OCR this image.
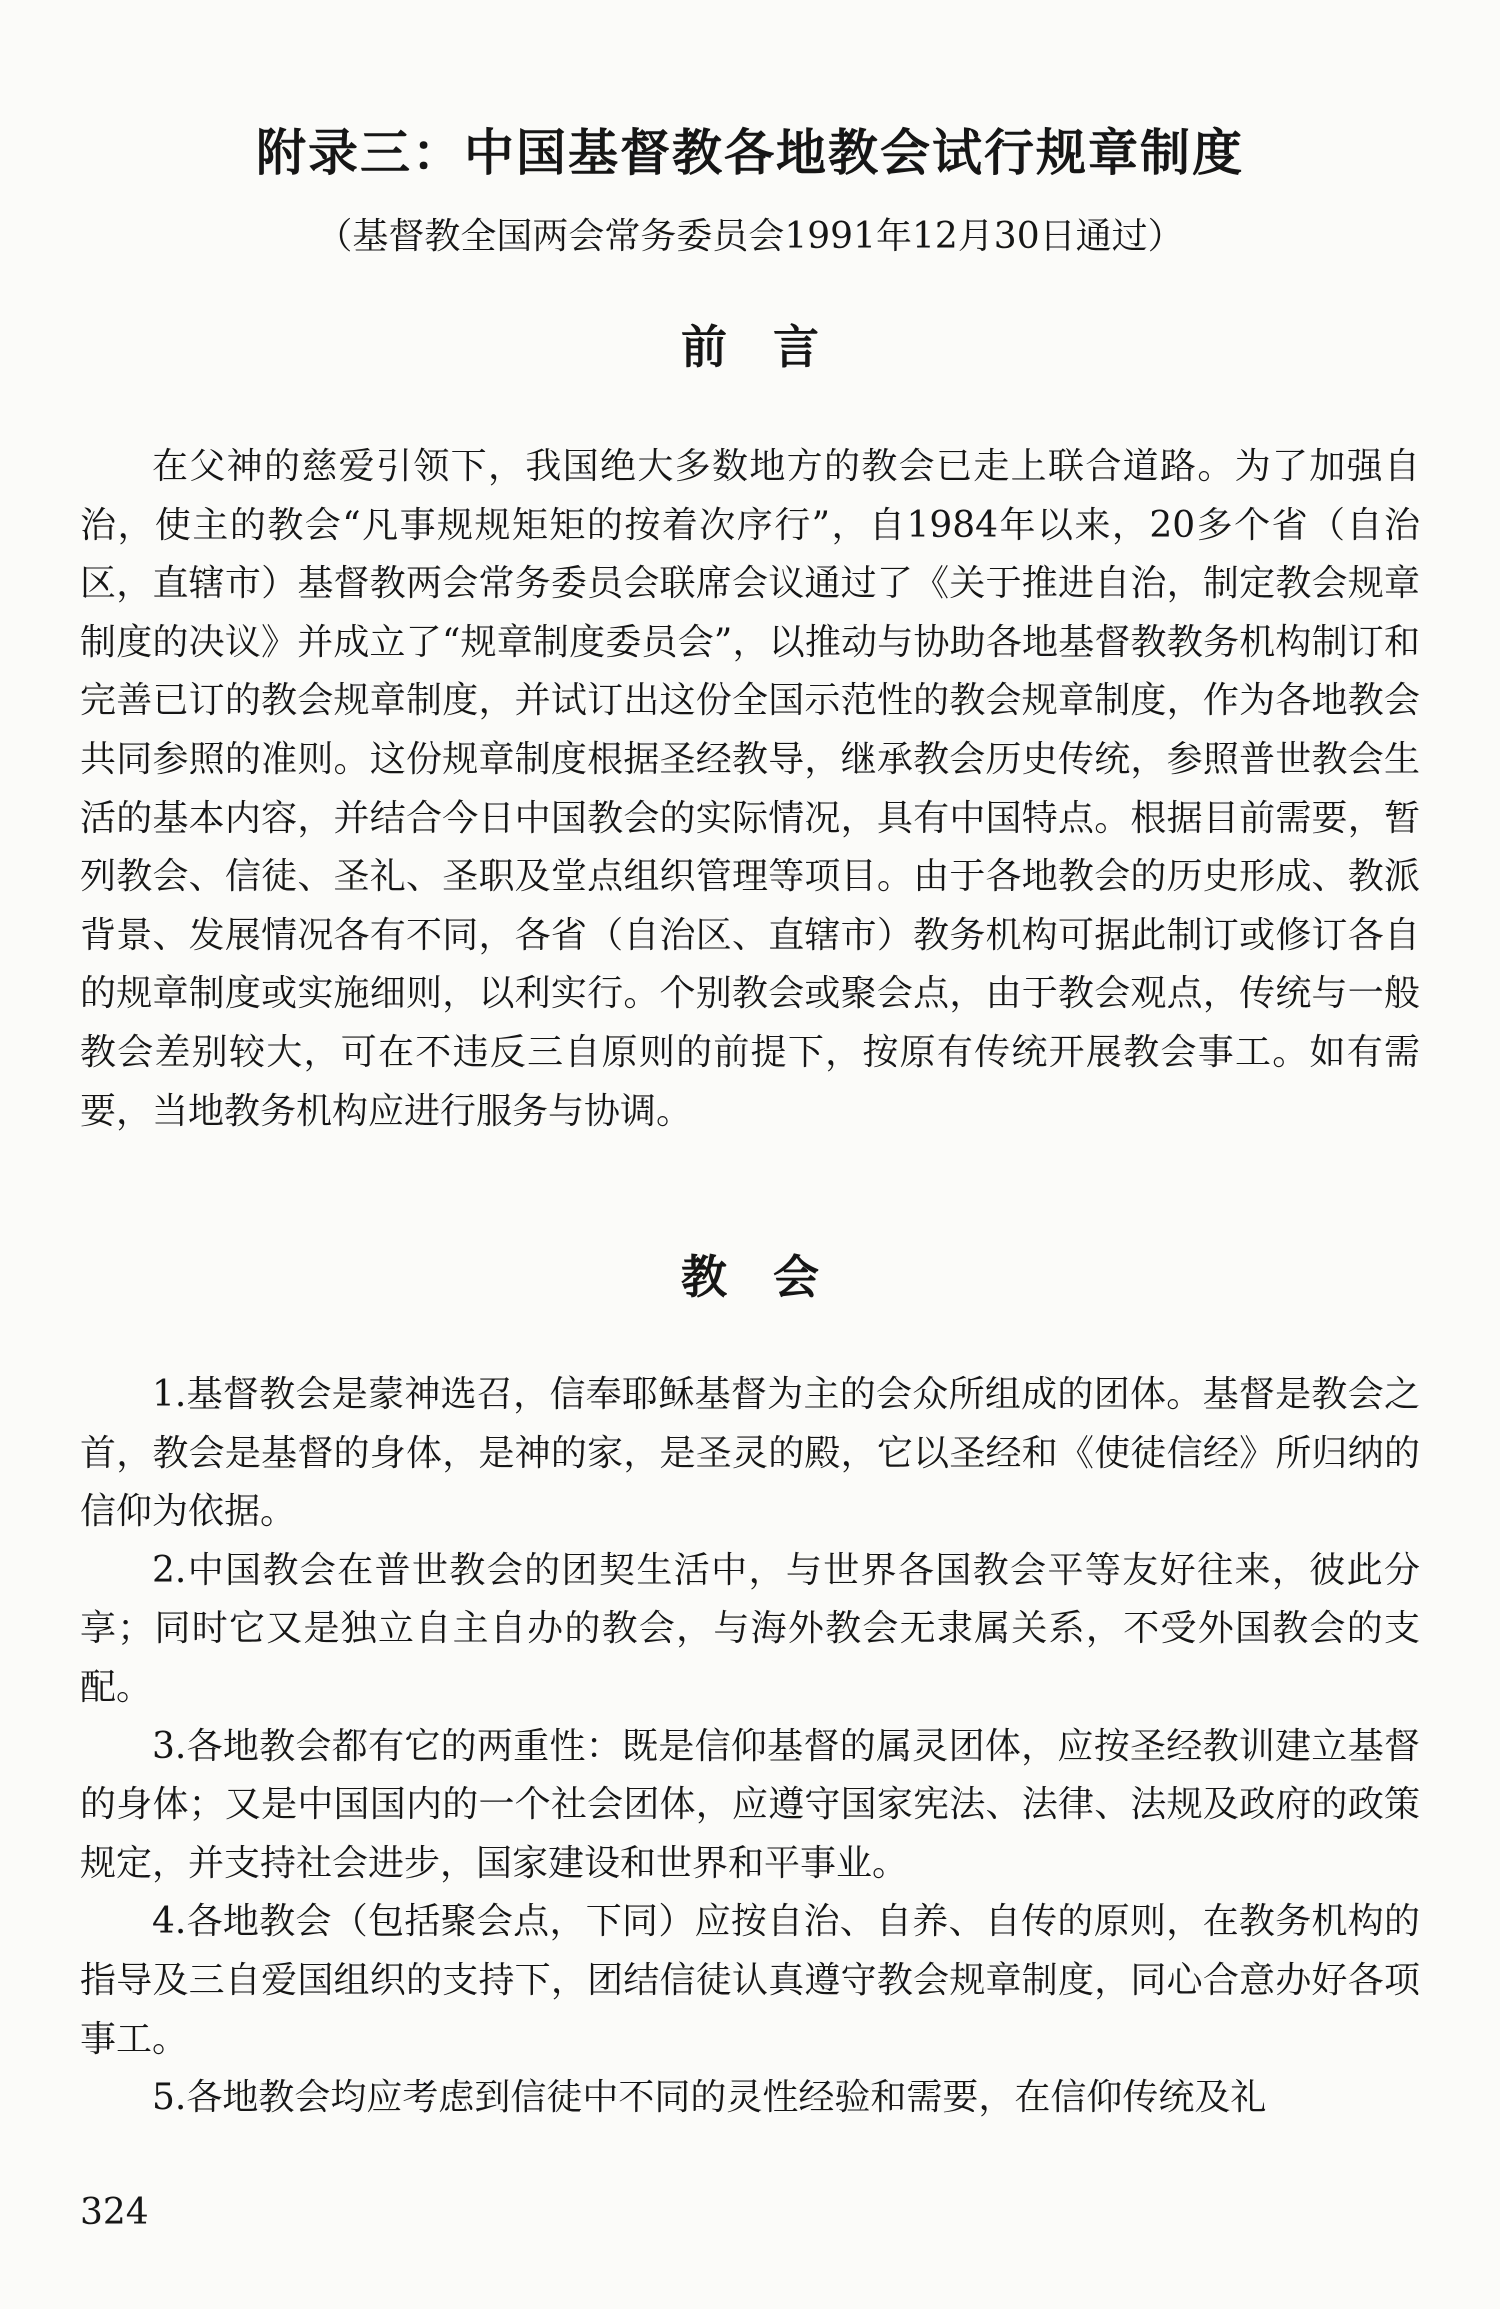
附录三：中国基督教各地教会试行规章制度

（基督教全国两会常务委员会1991年12月30日通过）

前言

在父神的慈爱引领下，我国绝大多数地方的教会已走上联合道路。为了加强自治，使主的教会“凡事规规矩矩的按着次序行”，自1984年以来，20多个省（自治区，直辖市）基督教两会常务委员会联席会议通过了《关于推进自治，制定教会规章制度的决议》并成立了“规章制度委员会”，以推动与协助各地基督教教务机构制订和完善已订的教会规章制度，并试订出这份全国示范性的教会规章制度，作为各地教会共同参照的准则。这份规章制度根据圣经教导，继承教会历史传统，参照普世教会生活的基本内容，并结合今日中国教会的实际情况，具有中国特点。根据目前需要，暂列教会、信徒、圣礼、圣职及堂点组织管理等项目。由于各地教会的历史形成、教派背景、发展情况各有不同，各省（自治区、直辖市）教务机构可据此制订或修订各自的规章制度或实施细则，以利实行。个别教会或聚会点，由于教会观点，传统与一般教会差别较大，可在不违反三自原则的前提下，按原有传统开展教会事工。如有需要，当地教务机构应进行服务与协调。

教会

1.基督教会是蒙神选召，信奉耶稣基督为主的会众所组成的团体。基督是教会之首，教会是基督的身体，是神的家，是圣灵的殿，它以圣经和《使徒信经》所归纳的信仰为依据。

2.中国教会在普世教会的团契生活中，与世界各国教会平等友好往来，彼此分享；同时它又是独立自主自办的教会，与海外教会无隶属关系，不受外国教会的支配。

3.各地教会都有它的两重性：既是信仰基督的属灵团体，应按圣经教训建立基督的身体；又是中国国内的一个社会团体，应遵守国家宪法、法律、法规及政府的政策规定，并支持社会进步，国家建设和世界和平事业。

4.各地教会（包括聚会点，下同）应按自治、自养、自传的原则，在教务机构的指导及三自爱国组织的支持下，团结信徒认真遵守教会规章制度，同心合意办好各项事工。

5.各地教会均应考虑到信徒中不同的灵性经验和需要，在信仰传统及礼

324
